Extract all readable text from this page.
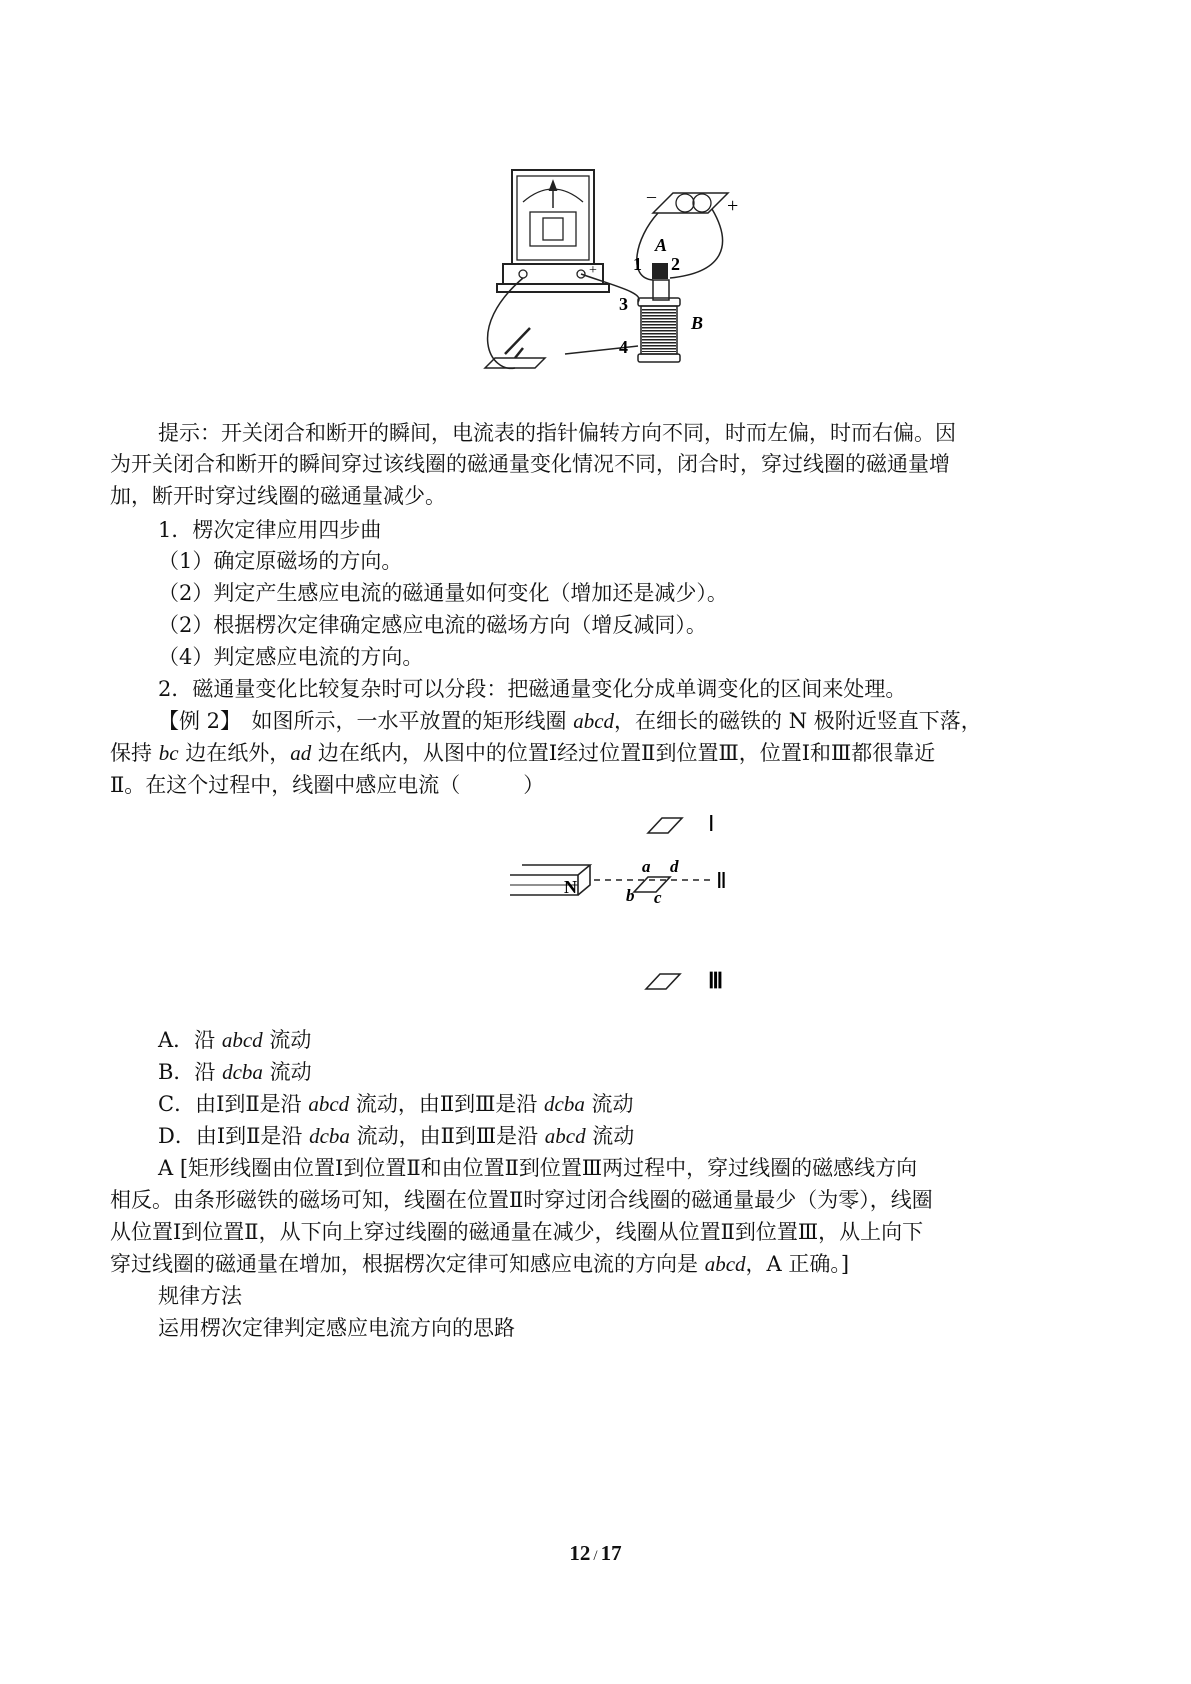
A
1 2
3
4
B
–	+
+
提示：开关闭合和断开的瞬间，电流表的指针偏转方向不同，时而左偏，时而右偏。因
为开关闭合和断开的瞬间穿过该线圈的磁通量变化情况不同，闭合时，穿过线圈的磁通量增
加，断开时穿过线圈的磁通量减少。
1．楞次定律应用四步曲
（1）确定原磁场的方向。
（2）判定产生感应电流的磁通量如何变化（增加还是减少）。
（2）根据楞次定律确定感应电流的磁场方向（增反减同）。
（4）判定感应电流的方向。
2．磁通量变化比较复杂时可以分段：把磁通量变化分成单调变化的区间来处理。
【例 2】　如图所示，一水平放置的矩形线圈 abcd，在细长的磁铁的 N 极附近竖直下落，
保持 bc 边在纸外，ad 边在纸内，从图中的位置Ⅰ经过位置Ⅱ到位置Ⅲ，位置Ⅰ和Ⅲ都很靠近
Ⅱ。在这个过程中，线圈中感应电流（　　　）
N
a d
b c
Ⅰ
Ⅱ
Ⅲ
A．沿 abcd 流动
B．沿 dcba 流动
C．由Ⅰ到Ⅱ是沿 abcd 流动，由Ⅱ到Ⅲ是沿 dcba 流动
D．由Ⅰ到Ⅱ是沿 dcba 流动，由Ⅱ到Ⅲ是沿 abcd 流动
A [矩形线圈由位置Ⅰ到位置Ⅱ和由位置Ⅱ到位置Ⅲ两过程中，穿过线圈的磁感线方向
相反。由条形磁铁的磁场可知，线圈在位置Ⅱ时穿过闭合线圈的磁通量最少（为零），线圈
从位置Ⅰ到位置Ⅱ，从下向上穿过线圈的磁通量在减少，线圈从位置Ⅱ到位置Ⅲ，从上向下
穿过线圈的磁通量在增加，根据楞次定律可知感应电流的方向是 abcd，A 正确。]
规律方法
运用楞次定律判定感应电流方向的思路
12 / 17
